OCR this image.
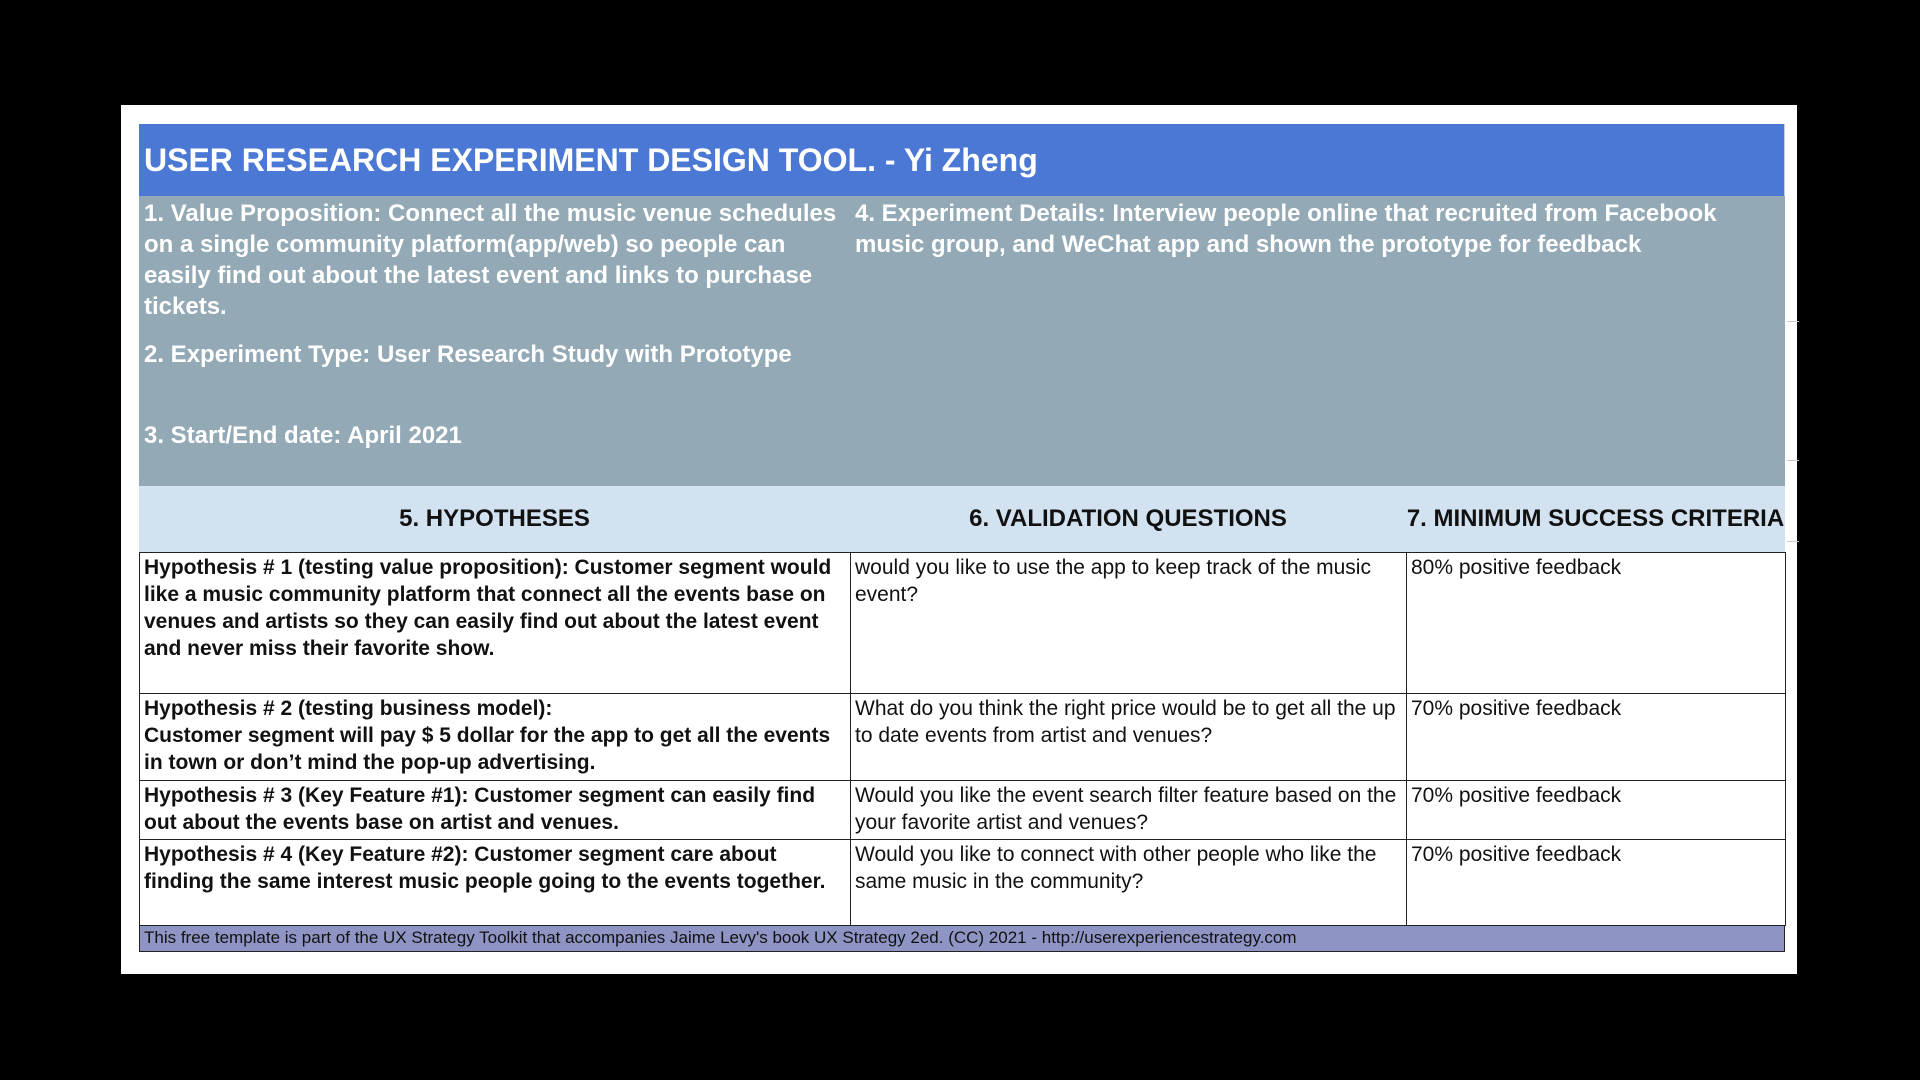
USER RESEARCH EXPERIMENT DESIGN TOOL. - Yi Zheng

1. Value Proposition: Connect all the music venue schedules on a single community platform(app/web) so people can easily find out about the latest event and links to purchase tickets.

2. Experiment Type: User Research Study with Prototype

3. Start/End date: April 2021

4. Experiment Details: Interview people online that recruited from Facebook music group, and WeChat app and shown the prototype for feedback
5. HYPOTHESES	6. VALIDATION QUESTIONS	7. MINIMUM SUCCESS CRITERIA
Hypothesis # 1 (testing value proposition): Customer segment would like a music community platform that connect all the events base on venues and artists so they can easily find out about the latest event and never miss their favorite show.	would you like to use the app to keep track of the music event?	80% positive feedback

Hypothesis # 2 (testing business model):
Customer segment will pay $ 5 dollar for the app to get all the events in town or don’t mind the pop-up advertising.	What do you think the right price would be to get all the up to date events from artist and venues?	70% positive feedback
Hypothesis # 3 (Key Feature #1): Customer segment can easily find out about the events base on artist and venues.	Would you like the event search filter feature based on the your favorite artist and venues?	70% positive feedback
Hypothesis # 4 (Key Feature #2): Customer segment care about finding the same interest music people going to the events together.	Would you like to connect with other people who like the same music in the community?	70% positive feedback
This free template is part of the UX Strategy Toolkit that accompanies Jaime Levy's book UX Strategy 2ed. (CC) 2021 - http://userexperiencestrategy.com
